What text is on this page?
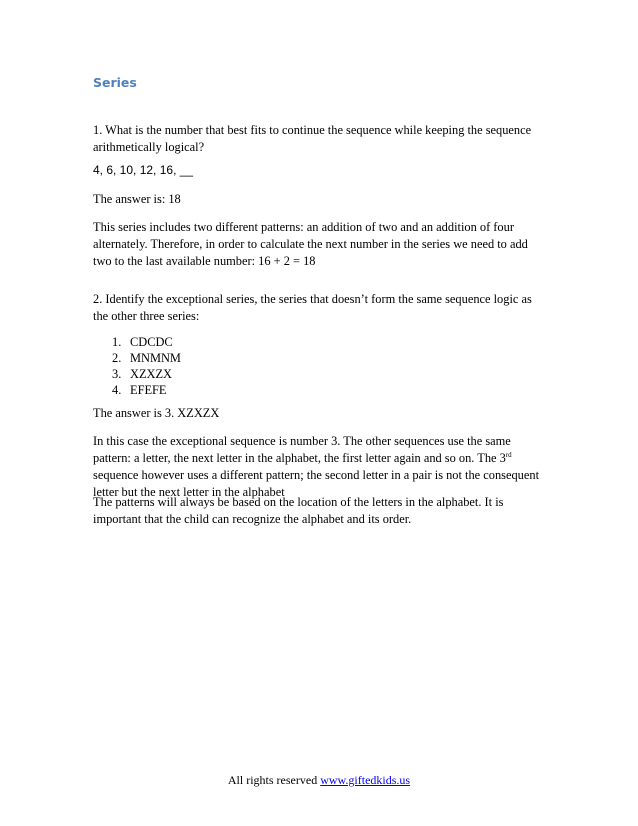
Series

1. What is the number that best fits to continue the sequence while keeping the sequence arithmetically logical?

4, 6, 10, 12, 16, __

The answer is: 18

This series includes two different patterns: an addition of two and an addition of four alternately. Therefore, in order to calculate the next number in the series we need to add two to the last available number: 16 + 2 = 18

2. Identify the exceptional series, the series that doesn’t form the same sequence logic as the other three series:

1. CDCDC
2. MNMNM
3. XZXZX
4. EFEFE

The answer is 3. XZXZX

In this case the exceptional sequence is number 3. The other sequences use the same pattern: a letter, the next letter in the alphabet, the first letter again and so on. The 3rd sequence however uses a different pattern; the second letter in a pair is not the consequent letter but the next letter in the alphabet

The patterns will always be based on the location of the letters in the alphabet. It is important that the child can recognize the alphabet and its order.

All rights reserved www.giftedkids.us
